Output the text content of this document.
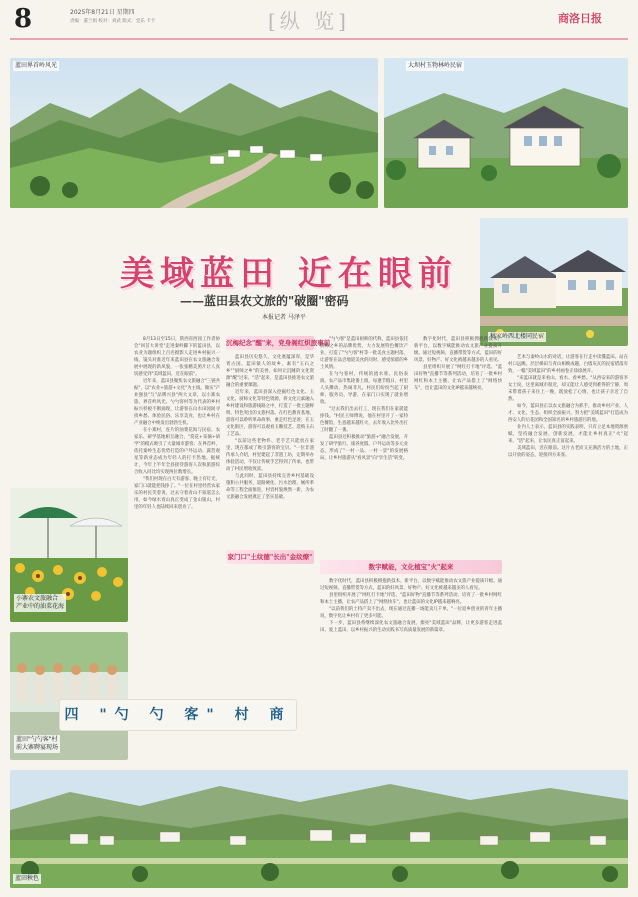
8	2025年8月21日 星期四
责编：董兰娟 校对：刘武 版式：党乐 卡卡	[纵 览]	商洛日报
蓝田界首岭风光	大坝村玉物林岭民宿
稿家岭西北楼同民宿
美域蓝田 近在眼前
——蓝田县农文旅的"破圈"密码
本报记者 马泽平
小寨农文旅融合
产业中的油菜花海
蓝田"勺勺客"村
前大寨聘宴现场
四 "勺 勺 客" 村 商
蓝田秋色

8月13日至15日，陕西省西园工作者协会"回首大讲堂"走进秦岭脚下的蓝田县，以农业为题组织上百名摄影人走进乡村振兴一线，镜头对准近年来蓝田县在农文旅融合发展中展现的新风貌，一张张精美照片让人真切感受到"美域蓝田，近在眼前"。

近年来，蓝田县聚焦农文旅融合"三链共振"，以"农业+旅游+文化"为主线，做实"产业强县"与"品牌兴县"两大文章，以小寨农旅、界首岭风光、勺勺客村等为代表的乡村振兴样板不断涌现，让游客在山水田园间寻找乡愁、体验民俗、乐享美食，也让乡村在产业融合中焕发出勃勃生机。

在小寨村，连片的油菜花海与民宿、农家乐、研学基地相互融合，"赏花+采摘+研学"的模式吸引了大量城市游客；在界首岭，依托秦岭生态优势打造的户外运动、露营观星等新业态成为年轻人的打卡热地。据统计，今年上半年全县接待游客人次和旅游综合收入同比均实现两位数增长。

"我们村现在白天有游客、晚上有灯光，家门口就能把钱挣了。"一位在村里经营农家乐的村民笑着说，过去守着青山不知道怎么用，如今绿水青山真正变成了金山银山，村里的年轻人也陆续回来创业了。

沉梅纪念"醒"来，党身阁红炽旅事前

蓝田县历史悠久，文化底蕴深厚，是华胥古国、蓝田猿人的故乡，素有"玉石之乡""厨师之乡"的美誉。如何让沉睡的文化资源"醒"过来、"活"起来，是蓝田县推进农文旅融合的重要课题。

近年来，蓝田县深入挖掘红色文化、玉文化、厨师文化等特色资源，将文化元素融入乡村建设和旅游线路之中，打造了一批主题鲜明、特色突出的文旅村落。在红色教育基地，游客可以聆听革命故事、重走红色足迹；在玉文化街区，游客可以观看玉雕技艺、选购玉石工艺品。

"以前这些老物件、老手艺只能放在家里，现在都成了吸引游客的宝贝。"一位非遗传承人介绍，村里建起了非遗工坊，定期举办体验活动，不仅让传统手艺得到了传承，也带动了村民增收致富。

与此同时，蓝田县持续完善乡村基础设施和公共服务，道路硬化、污水治理、厕所革命等工程全面推进，村容村貌焕然一新，为农文旅融合发展奠定了坚实基础。

"勺勺客"是蓝田厨师的代称，蓝田县依托厨师之乡的品牌优势，大力发展特色餐饮产业，打造了"勺勺客"村等一批美食主题村落，让游客在品尝地道美食的同时，感受浓郁的乡土风情。

在勺勺客村，传统的流水席、民俗表演、农产品市集轮番上演，每逢节假日，村里人头攒动、热闹非凡。村民们纷纷当起了厨师、服务员、导游，在家门口实现了就业增收。

"过去我们出去打工，现在我们在家就能挣钱。"村民王师傅说，他在村里开了一家特色餐馆，生意越来越红火，去年收入比外出打工时翻了一番。

蓝田县还积极推动"旅游+"融合发展，开发了研学旅行、康养度假、户外运动等多元业态，形成了"一村一品、一村一景"的发展格局，让乡村旅游从"看风景"向"享生活"转变。

家门口"土纹德"长出"金纹燎"
数字赋能，文化植宝"火"起来

数字化时代，蓝田县积极拥抱新技术、新平台，以数字赋能推动农文旅产业提质升级。通过短视频、直播带货等方式，蓝田的好风景、好物产、好文化被越来越多的人看见。

县里组织开展了"网红打卡地"评选、"蓝田好物"直播节等系列活动，培育了一批乡村网红和本土主播，让农产品搭上了"网络快车"，也让蓝田的文化IP越来越响亮。

"以前我们的土特产卖不出去，现在通过直播一场能卖几千单。"一位返乡创业的青年主播说，数字化让乡村有了更多可能。

下一步，蓝田县将继续深化农文旅融合发展，擦亮"美域蓝田"品牌，让更多游客走进蓝田、爱上蓝田，以乡村振兴的生动实践书写高质量发展的新篇章。

数字化时代，蓝田县积极拥抱新技术、新平台，以数字赋能推动农文旅产业提质升级。通过短视频、直播带货等方式，蓝田的好风景、好物产、好文化被越来越多的人看见。

县里组织开展了"网红打卡地"评选、"蓝田好物"直播节等系列活动，培育了一批乡村网红和本土主播，让农产品搭上了"网络快车"，也让蓝田的文化IP越来越响亮。

艺术与秦岭山水的对话，让游客在行走中读懂蓝田。站在村口远眺，层层梯田与青山相映成趣，白墙灰瓦的民宿错落有致，一幅"美域蓝田"的乡村画卷正徐徐展开。

"来蓝田就是来看山、看水、看乡愁。"从西安来的游客李女士说，这里离城市很近，却又能让人感受到难得的宁静，周末带着孩子来住上一晚，既放松了心情，也让孩子亲近了自然。

如今，蓝田县正以农文旅融合为抓手，推动乡村产业、人才、文化、生态、组织全面振兴，努力把"美域蓝田"打造成为西安人的后花园和全国知名的乡村旅游目的地。

业内人士表示，蓝田县的实践表明，只有立足本地资源禀赋，坚持融合发展、创新发展，才能让乡村真正"火"起来、"活"起来，让农民真正富起来。

美域蓝田，近在眼前。这片古老而又充满活力的土地，正以开放的姿态，迎接四方来客。
